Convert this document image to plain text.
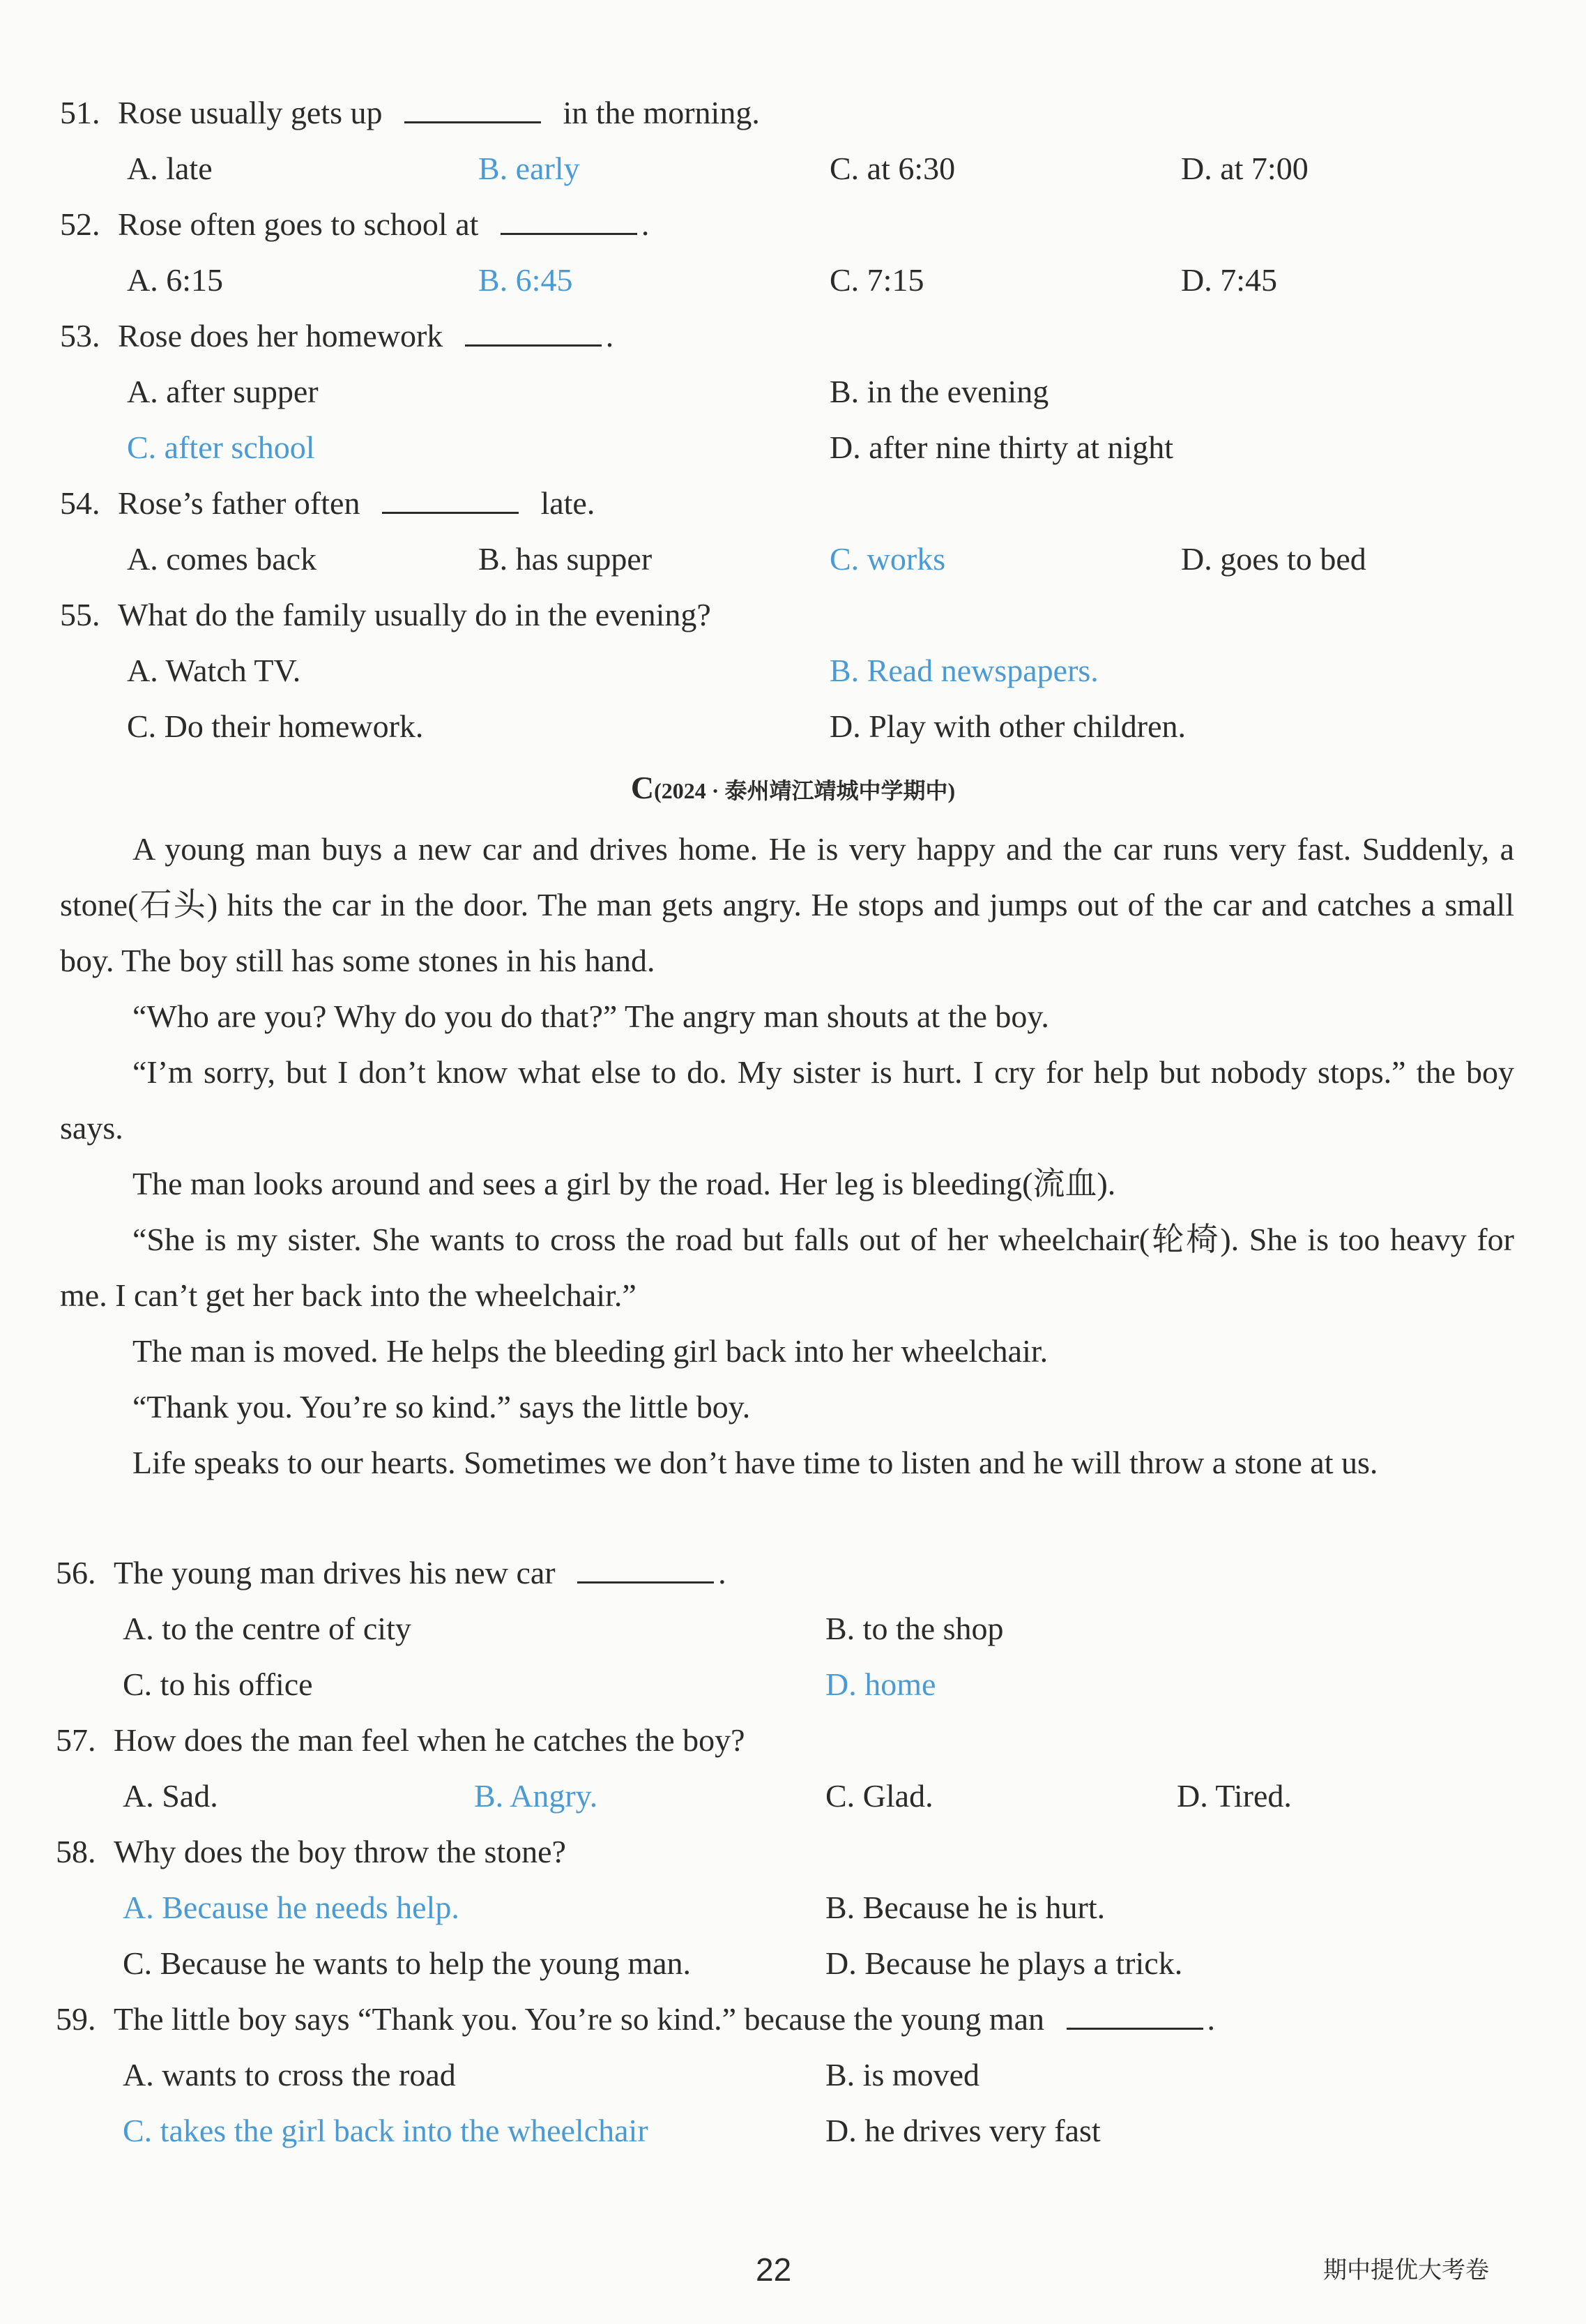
51. Rose usually gets up	in the morning.
A. late	B. early	C. at 6:30	D. at 7:00
52. Rose often goes to school at	.
A. 6:15	B. 6:45	C. 7:15	D. 7:45
53. Rose does her homework	.
A. after supper	B. in the evening
C. after school	D. after nine thirty at night
54. Rose’s father often	late.
A. comes back	B. has supper	C. works	D. goes to bed
55. What do the family usually do in the evening?
A. Watch TV.	B. Read newspapers.
C. Do their homework.	D. Play with other children.
C(2024 · 泰州靖江靖城中学期中)
A young man buys a new car and drives home. He is very happy and the car runs very fast. Suddenly, a stone(石头) hits the car in the door. The man gets angry. He stops and jumps out of the car and catches a small boy. The boy still has some stones in his hand.
“Who are you? Why do you do that?” The angry man shouts at the boy.
“I’m sorry, but I don’t know what else to do. My sister is hurt. I cry for help but nobody stops.” the boy says.
The man looks around and sees a girl by the road. Her leg is bleeding(流血).
“She is my sister. She wants to cross the road but falls out of her wheelchair(轮椅). She is too heavy for me. I can’t get her back into the wheelchair.”
The man is moved. He helps the bleeding girl back into her wheelchair.
“Thank you. You’re so kind.” says the little boy.
Life speaks to our hearts. Sometimes we don’t have time to listen and he will throw a stone at us.
56. The young man drives his new car	.
A. to the centre of city	B. to the shop
C. to his office	D. home
57. How does the man feel when he catches the boy?
A. Sad.	B. Angry.	C. Glad.	D. Tired.
58. Why does the boy throw the stone?
A. Because he needs help.	B. Because he is hurt.
C. Because he wants to help the young man.	D. Because he plays a trick.
59. The little boy says “Thank you. You’re so kind.” because the young man	.
A. wants to cross the road	B. is moved
C. takes the girl back into the wheelchair	D. he drives very fast
22	期中提优大考卷
